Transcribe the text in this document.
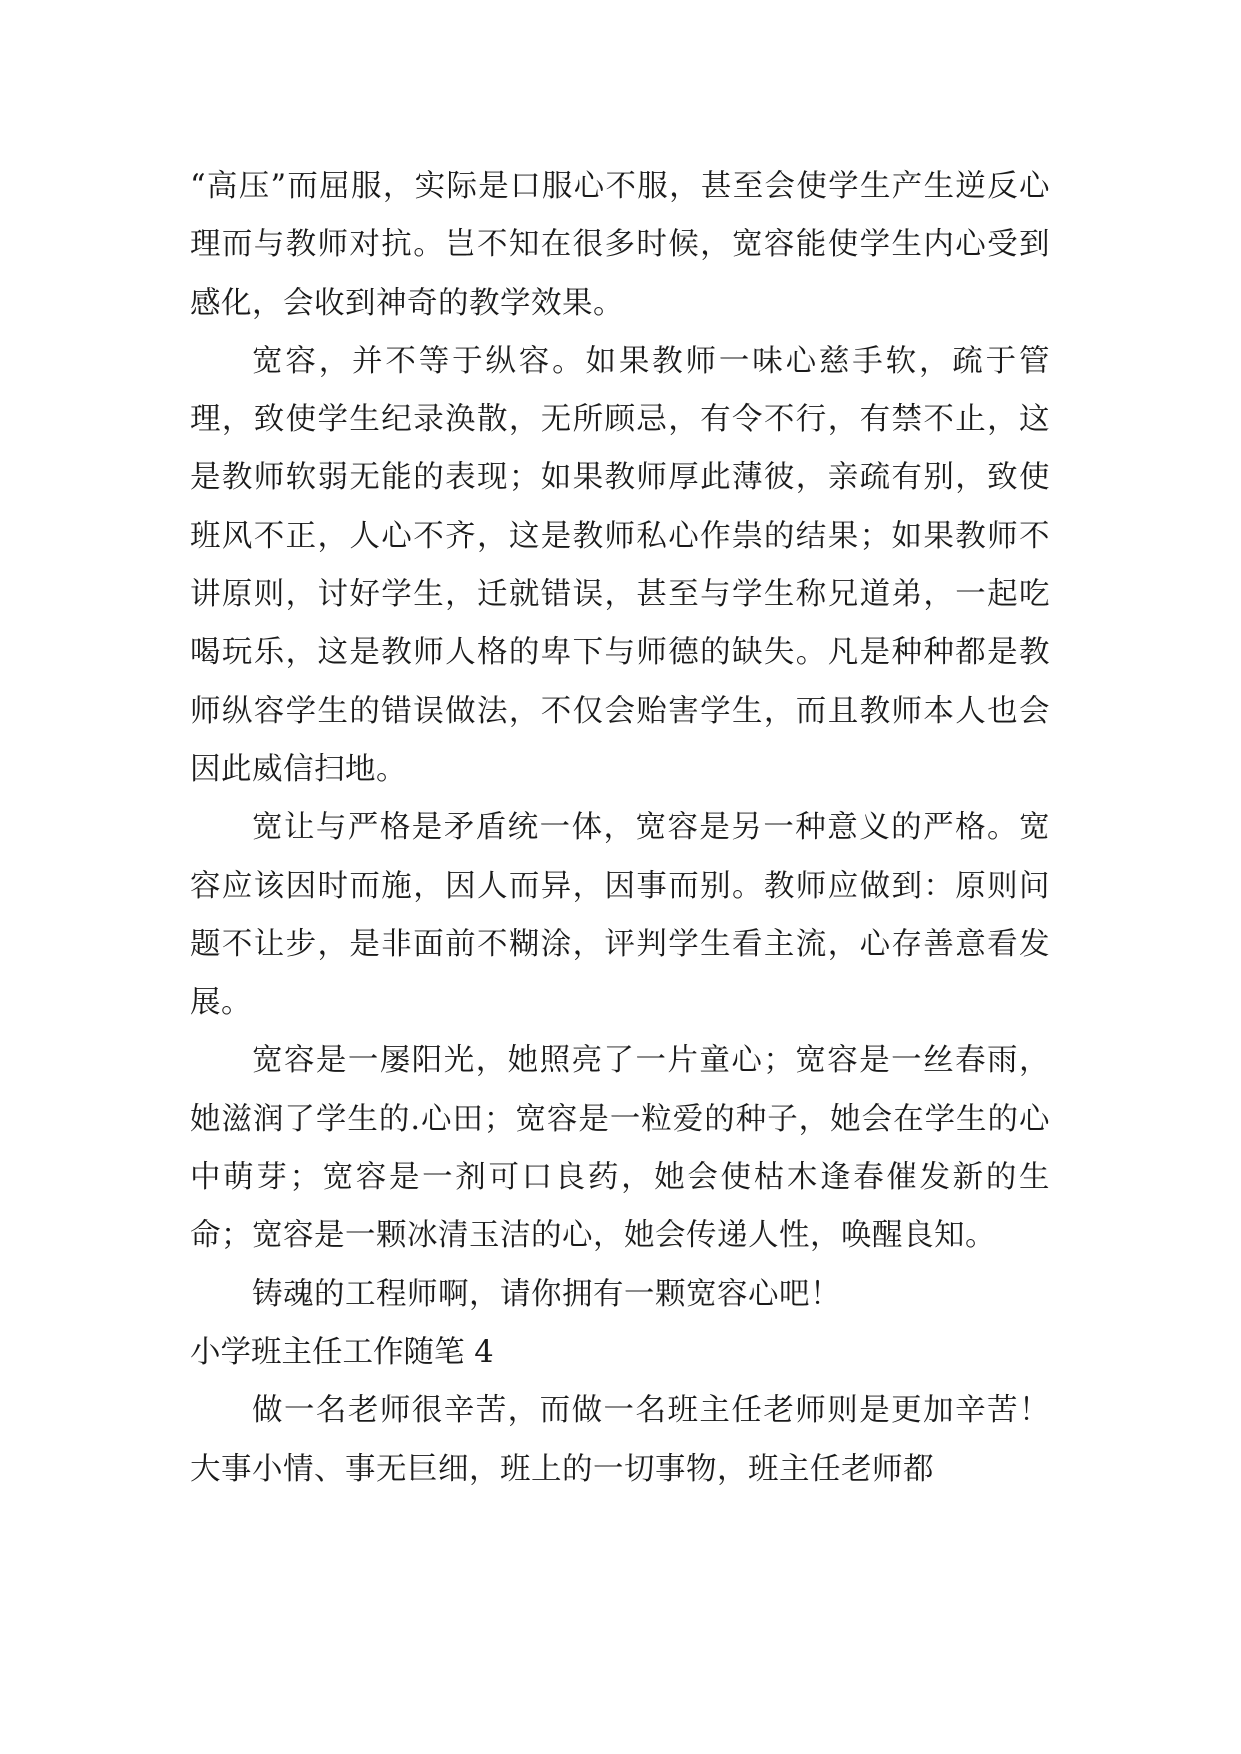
“高压”而屈服，实际是口服心不服，甚至会使学生产生逆反心理而与教师对抗。岂不知在很多时候，宽容能使学生内心受到感化，会收到神奇的教学效果。

宽容，并不等于纵容。如果教师一味心慈手软，疏于管理，致使学生纪录涣散，无所顾忌，有令不行，有禁不止，这是教师软弱无能的表现；如果教师厚此薄彼，亲疏有别，致使班风不正，人心不齐，这是教师私心作祟的结果；如果教师不讲原则，讨好学生，迁就错误，甚至与学生称兄道弟，一起吃喝玩乐，这是教师人格的卑下与师德的缺失。凡是种种都是教师纵容学生的错误做法，不仅会贻害学生，而且教师本人也会因此威信扫地。

宽让与严格是矛盾统一体，宽容是另一种意义的严格。宽容应该因时而施，因人而异，因事而别。教师应做到：原则问题不让步，是非面前不糊涂，评判学生看主流，心存善意看发展。

宽容是一屡阳光，她照亮了一片童心；宽容是一丝春雨，她滋润了学生的.心田；宽容是一粒爱的种子，她会在学生的心中萌芽；宽容是一剂可口良药，她会使枯木逢春催发新的生命；宽容是一颗冰清玉洁的心，她会传递人性，唤醒良知。

铸魂的工程师啊，请你拥有一颗宽容心吧！

小学班主任工作随笔 4

做一名老师很辛苦，而做一名班主任老师则是更加辛苦！大事小情、事无巨细，班上的一切事物，班主任老师都
